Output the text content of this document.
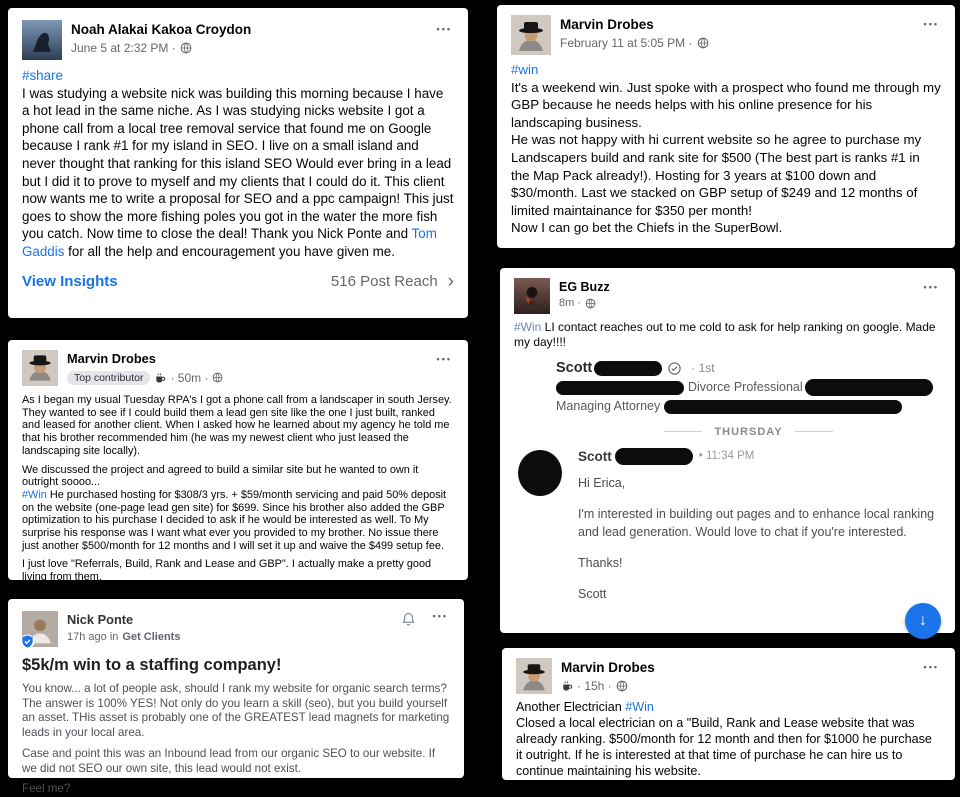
Noah Alakai Kakoa Croydon
June 5 at 2:32 PM ·
•••
#share
I was studying a website nick was building this morning because I have a hot lead in the same niche. As I was studying nicks website I got a phone call from a local tree removal service that found me on Google because I rank #1 for my island in SEO. I live on a small island and never thought that ranking for this island SEO Would ever bring in a lead but I did it to prove to myself and my clients that I could do it. This client now wants me to write a proposal for SEO and a ppc campaign! This just goes to show the more fishing poles you got in the water the more fish you catch. Now time to close the deal! Thank you Nick Ponte and Tom Gaddis for all the help and encouragement you have given me.
View Insights	516 Post Reach ›
Marvin Drobes
Top contributor	· 50m ·
•••

As I began my usual Tuesday RPA's I got a phone call from a landscaper in south Jersey. They wanted to see if I could build them a lead gen site like the one I just built, ranked and leased for another client. When I asked how he learned about my agency he told me that his brother recommended him (he was my newest client who just leased the landscaping site locally).

We discussed the project and agreed to build a similar site but he wanted to own it outright soooo...

#Win He purchased hosting for $308/3 yrs. + $59/month servicing and paid 50% deposit on the website (one-page lead gen site) for $699. Since his brother also added the GBP optimization to his purchase I decided to ask if he would be interested as well. To My surprise his response was I want what ever you provided to my brother. No issue there just another $500/month for 12 months and I will set it up and waive the $499 setup fee.

I just love "Referrals, Build, Rank and Lease and GBP". I actually make a pretty good living from them.

Nick Ponte
17h ago in Get Clients
•••
$5k/m win to a staffing company!

You know... a lot of people ask, should I rank my website for organic search terms? The answer is 100% YES! Not only do you learn a skill (seo), but you build yourself an asset. THis asset is probably one of the GREATEST lead magnets for marketing leads in your local area.

Case and point this was an Inbound lead from our organic SEO to our website. If we did not SEO our own site, this lead would not exist.

Feel me?

Marvin Drobes
February 11 at 5:05 PM ·
•••
#win
It's a weekend win. Just spoke with a prospect who found me through my GBP because he needs helps with his online presence for his landscaping business.
He was not happy with hi current website so he agree to purchase my Landscapers build and rank site for $500 (The best part is ranks #1 in the Map Pack already!). Hosting for 3 years at $100 down and $30/month. Last we stacked on GBP setup of $249 and 12 months of limited maintainance for $350 per month!
Now I can go bet the Chiefs in the SuperBowl.
EG Buzz
8m ·
•••
#Win LI contact reaches out to me cold to ask for help ranking on google. Made my day!!!!
Scott	· 1st
Divorce Professional
Managing Attorney
THURSDAY
Scott	• 11:34 PM

Hi Erica,

I'm interested in building out pages and to enhance local ranking and lead generation. Would love to chat if you're interested.

Thanks!

Scott

↓
Marvin Drobes
· 15h ·
•••
Another Electrician #Win
Closed a local electrician on a "Build, Rank and Lease website that was already ranking. $500/month for 12 month and then for $1000 he purchase it outright. If he is interested at that time of purchase he can hire us to continue maintaining his website.
